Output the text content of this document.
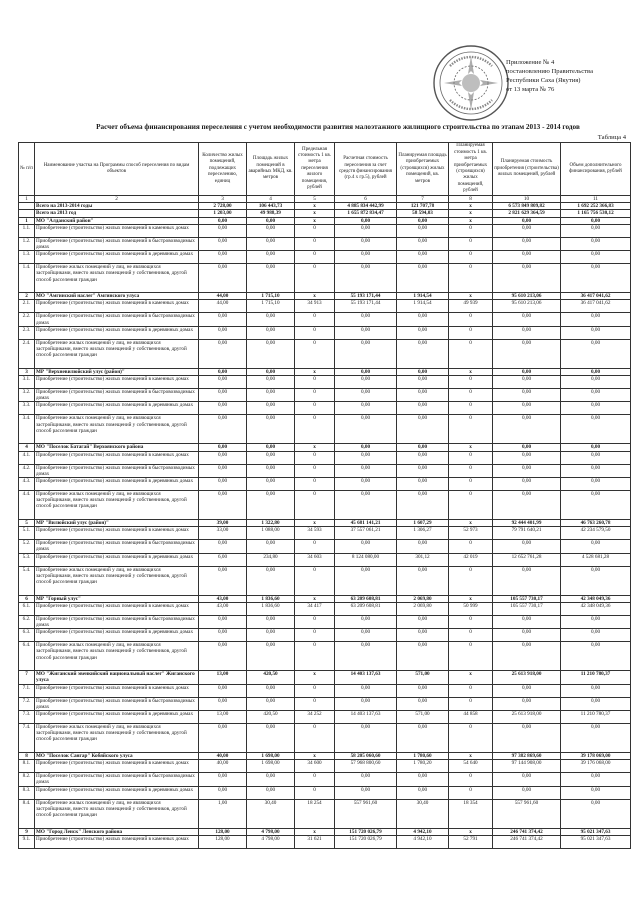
Приложение № 4
постановлению Правительства
Республики Саха (Якутия)
от 13 марта № 76
Расчет объема финансирования переселения с учетом необходимости развития малоэтажного жилищного строительства по этапам 2013 - 2014 годов
Таблица 4
№ п/п	Наименование участка на Программы способ переселения по видам объектов	Количество жилых помещений, подлежащих переселению, единиц	Площадь жилых помещений в аварийных МКД, кв. метров	Предельная стоимость 1 кв. метра переселения жилого помещения, рублей	Расчетная стоимость переселения за счет средств финансирования (гр.4 х гр.5), рублей	Планируемая площадь приобретаемых (строящихся) жилых помещений, кв. метров	Планируемая стоимость 1 кв. метра приобретаемых (строящихся) жилых помещений, рублей	Планируемая стоимость приобретения (строительства) жилых помещений, рублей	Объем дополнительного финансирования, рублей
1	2	3	4	5	6	7	8	10	11
	Всего на 2013-2014 годы	2 728,00	106 443,73	x	4 885 834 442,99	121 707,78	x	6 573 849 809,82	1 692 252 366,83
	Всего на 2013 год	1 203,00	49 988,39	x	1 655 872 834,47	58 594,03	x	2 821 629 364,59	1 165 756 530,12
1	МО "Алданский район"	0,00	0,00	x	0,00	0,00	x	0,00	0,00
1.1.	Приобретение (строительство) жилых помещений в каменных домах	0,00	0,00	0	0,00	0,00	0	0,00	0,00
1.2.	Приобретение (строительство) жилых помещений в быстровозводимых домах	0,00	0,00	0	0,00	0,00	0	0,00	0,00
1.3.	Приобретение (строительство) жилых помещений в деревянных домах	0,00	0,00	0	0,00	0,00	0	0,00	0,00
1.4.	Приобретение жилых помещений у лиц, не являющихся застройщиками, вместо жилых помещений у собственников, другой способ расселения граждан	0,00	0,00	0	0,00	0,00	0	0,00	0,00
2	МО "Амгинский наслег" Амгинского улуса	44,00	1 715,10	x	55 193 171,44	1 914,54	x	95 610 213,06	36 417 041,62
2.1.	Приобретение (строительство) жилых помещений в каменных домах	44,00	1 715,10	34 913	55 193 171,44	1 914,54	49 939	95 610 213,06	36 417 041,62
2.2.	Приобретение (строительство) жилых помещений в быстровозводимых домах	0,00	0,00	0	0,00	0,00	0	0,00	0,00
2.3.	Приобретение (строительство) жилых помещений в деревянных домах	0,00	0,00	0	0,00	0,00	0	0,00	0,00
2.4.	Приобретение жилых помещений у лиц, не являющихся застройщиками, вместо жилых помещений у собственников, другой способ расселения граждан	0,00	0,00	0	0,00	0,00	0	0,00	0,00
3	МР "Верхневилюйский улус (район)"	0,00	0,00	x	0,00	0,00	x	0,00	0,00
3.1.	Приобретение (строительство) жилых помещений в каменных домах	0,00	0,00	0	0,00	0,00	0	0,00	0,00
3.2.	Приобретение (строительство) жилых помещений в быстровозводимых домах	0,00	0,00	0	0,00	0,00	0	0,00	0,00
3.3.	Приобретение (строительство) жилых помещений в деревянных домах	0,00	0,00	0	0,00	0,00	0	0,00	0,00
3.4.	Приобретение жилых помещений у лиц, не являющихся застройщиками, вместо жилых помещений у собственников, другой способ расселения граждан	0,00	0,00	0	0,00	0,00	0	0,00	0,00
4	МО "Поселок Батагай" Верхоянского района	0,00	0,00	x	0,00	0,00	x	0,00	0,00
4.1.	Приобретение (строительство) жилых помещений в каменных домах	0,00	0,00	0	0,00	0,00	0	0,00	0,00
4.2.	Приобретение (строительство) жилых помещений в быстровозводимых домах	0,00	0,00	0	0,00	0,00	0	0,00	0,00
4.3.	Приобретение (строительство) жилых помещений в деревянных домах	0,00	0,00	0	0,00	0,00	0	0,00	0,00
4.4.	Приобретение жилых помещений у лиц, не являющихся застройщиками, вместо жилых помещений у собственников, другой способ расселения граждан	0,00	0,00	0	0,00	0,00	0	0,00	0,00
5	МР "Вилюйский улус (район)"	39,00	1 322,80	x	45 681 141,21	1 607,29	x	92 444 401,99	46 763 260,78
5.1.	Приобретение (строительство) жилых помещений в каменных домах	33,00	1 088,00	34 593	37 557 061,21	1 306,27	52 973	79 791 640,21	42 234 579,50
5.2.	Приобретение (строительство) жилых помещений в быстровозводимых домах	0,00	0,00	0	0,00	0,00	0	0,00	0,00
5.3.	Приобретение (строительство) жилых помещений в деревянных домах	6,00	234,80	34 603	8 124 080,00	301,12	42 019	12 652 761,28	4 528 681,28
5.4.	Приобретение жилых помещений у лиц, не являющихся застройщиками, вместо жилых помещений у собственников, другой способ расселения граждан	0,00	0,00	0	0,00	0,00	0	0,00	0,00
6	МР "Горный улус"	43,00	1 836,60	x	63 209 608,81	2 069,80	x	105 557 730,17	42 348 049,36
6.1.	Приобретение (строительство) жилых помещений в каменных домах	43,00	1 836,60	34 417	63 209 608,81	2 069,80	50 999	105 557 730,17	42 348 049,36
6.2.	Приобретение (строительство) жилых помещений в быстровозводимых домах	0,00	0,00	0	0,00	0,00	0	0,00	0,00
6.3.	Приобретение (строительство) жилых помещений в деревянных домах	0,00	0,00	0	0,00	0,00	0	0,00	0,00
6.4.	Приобретение жилых помещений у лиц, не являющихся застройщиками, вместо жилых помещений у собственников, другой способ расселения граждан	0,00	0,00	0	0,00	0,00	0	0,00	0,00
7	МО "Жиганский эвенкийский национальный наслег" Жиганского улуса	13,00	420,50	x	14 403 137,63	571,00	x	25 613 918,00	11 210 780,37
7.1.	Приобретение (строительство) жилых помещений в каменных домах	0,00	0,00	0	0,00	0,00	0	0,00	0,00
7.2.	Приобретение (строительство) жилых помещений в быстровозводимых домах	0,00	0,00	0	0,00	0,00	0	0,00	0,00
7.3.	Приобретение (строительство) жилых помещений в деревянных домах	13,00	420,50	34 252	14 403 137,63	571,00	44 858	25 613 918,00	11 210 780,37
7.4.	Приобретение жилых помещений у лиц, не являющихся застройщиками, вместо жилых помещений у собственников, другой способ расселения граждан	0,00	0,00	0	0,00	0,00	0	0,00	0,00
8	МО "Поселок Сангар" Кобяйского улуса	40,00	1 698,00	x	58 205 060,60	1 780,60	x	97 382 869,60	39 178 069,00
8.1.	Приобретение (строительство) жилых помещений в каменных домах	40,00	1 698,00	34 600	57 968 800,60	1 780,20	54 640	97 144 908,00	39 176 068,00
8.2.	Приобретение (строительство) жилых помещений в быстровозводимых домах	0,00	0,00	0	0,00	0,00	0	0,00	0,00
8.3.	Приобретение (строительство) жилых помещений в деревянных домах	0,00	0,00	0	0,00	0,00	0	0,00	0,00
8.4.	Приобретение жилых помещений у лиц, не являющихся застройщиками, вместо жилых помещений у собственников, другой способ расселения граждан	1,00	30,40	18 254	557 961,60	30,40	18 354	557 961,60	0,00
9	МО "Город Ленск" Ленского района	128,00	4 798,00	x	151 720 026,79	4 942,10	x	246 741 374,42	95 021 347,63
9.1.	Приобретение (строительство) жилых помещений в каменных домах	128,00	4 798,00	31 621	151 720 026,79	4 942,10	52 791	246 741 374,42	95 021 347,63
